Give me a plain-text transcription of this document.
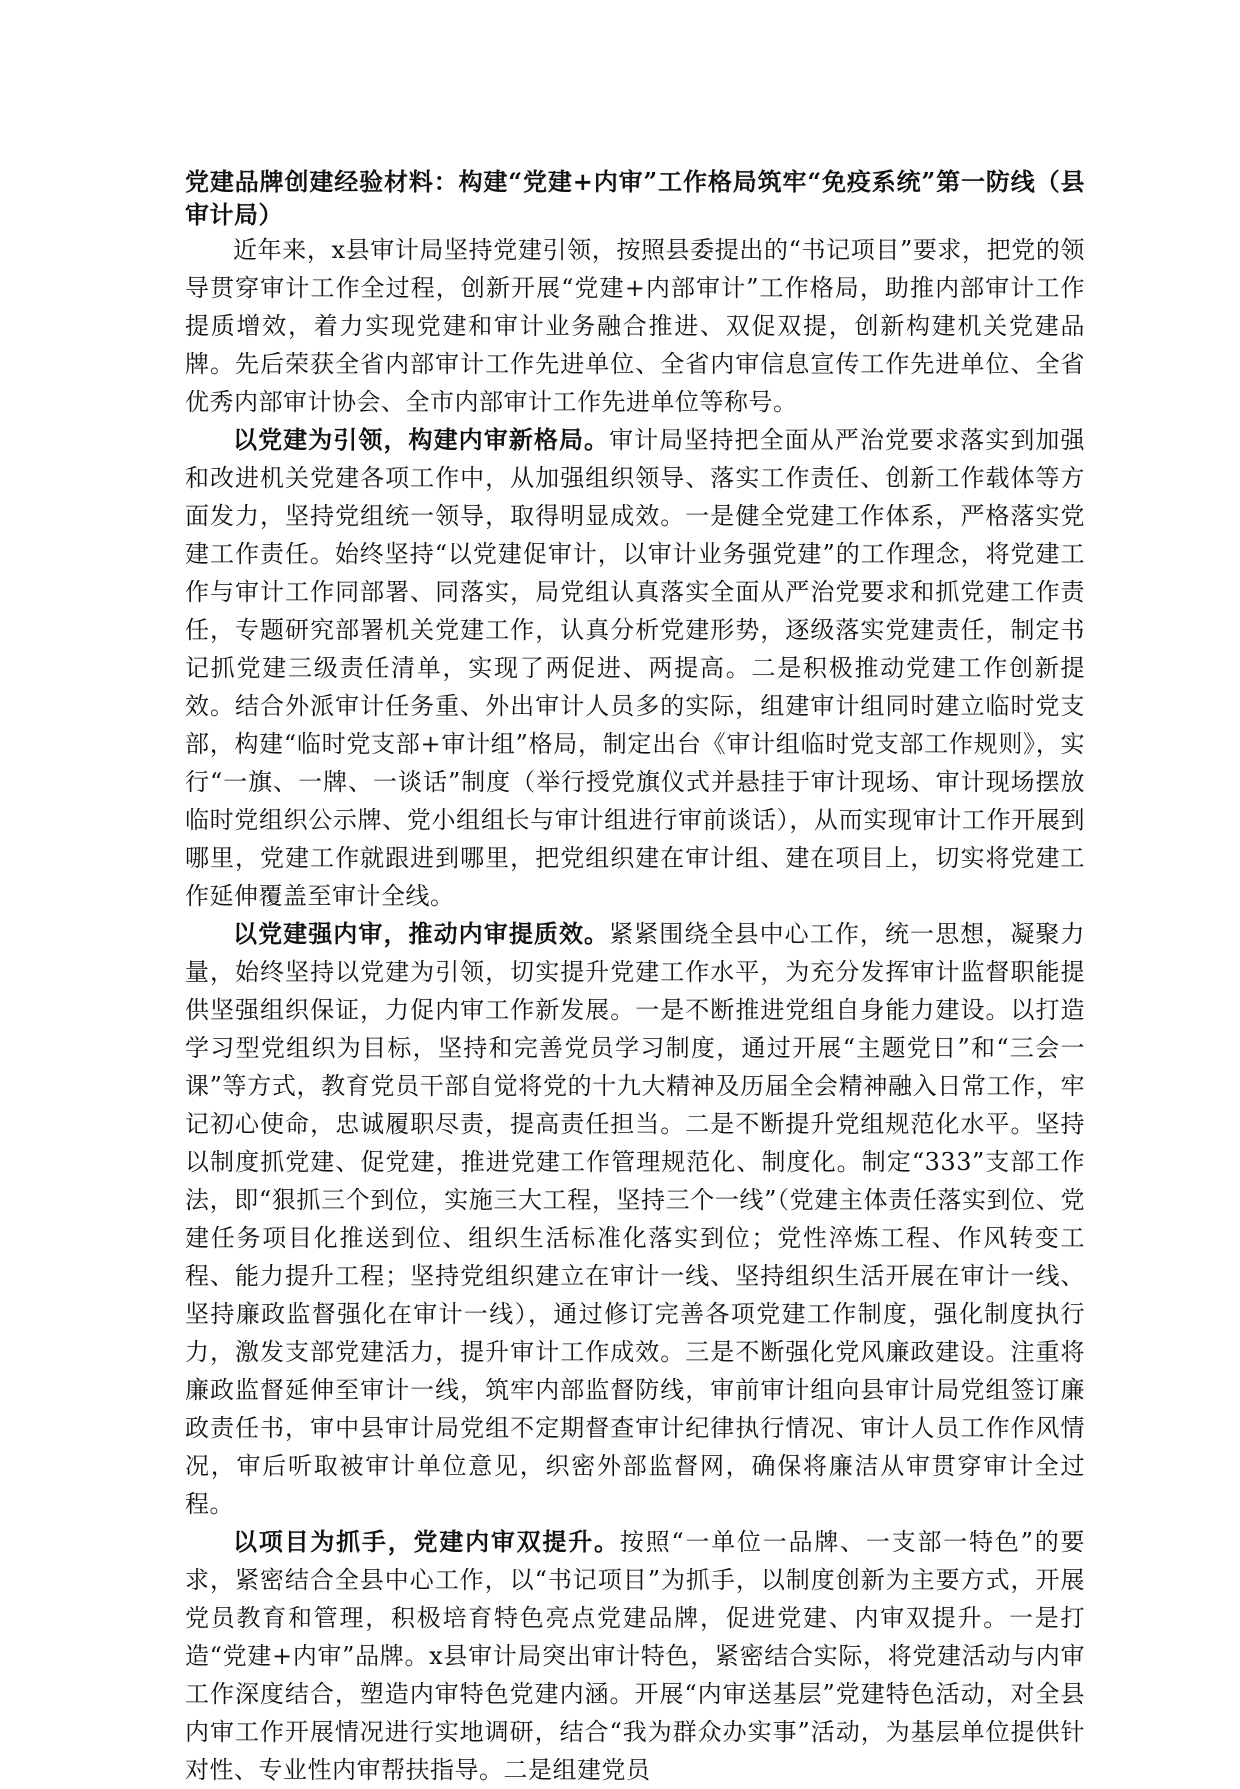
党建品牌创建经验材料：构建“党建+内审”工作格局筑牢“免疫系统”第一防线（县审计局）

近年来，x县审计局坚持党建引领，按照县委提出的“书记项目”要求，把党的领导贯穿审计工作全过程，创新开展“党建+内部审计”工作格局，助推内部审计工作提质增效，着力实现党建和审计业务融合推进、双促双提，创新构建机关党建品牌。先后荣获全省内部审计工作先进单位、全省内审信息宣传工作先进单位、全省优秀内部审计协会、全市内部审计工作先进单位等称号。

以党建为引领，构建内审新格局。审计局坚持把全面从严治党要求落实到加强和改进机关党建各项工作中，从加强组织领导、落实工作责任、创新工作载体等方面发力，坚持党组统一领导，取得明显成效。一是健全党建工作体系，严格落实党建工作责任。始终坚持“以党建促审计，以审计业务强党建”的工作理念，将党建工作与审计工作同部署、同落实，局党组认真落实全面从严治党要求和抓党建工作责任，专题研究部署机关党建工作，认真分析党建形势，逐级落实党建责任，制定书记抓党建三级责任清单，实现了两促进、两提高。二是积极推动党建工作创新提效。结合外派审计任务重、外出审计人员多的实际，组建审计组同时建立临时党支部，构建“临时党支部+审计组”格局，制定出台《审计组临时党支部工作规则》，实行“一旗、一牌、一谈话”制度（举行授党旗仪式并悬挂于审计现场、审计现场摆放临时党组织公示牌、党小组组长与审计组进行审前谈话），从而实现审计工作开展到哪里，党建工作就跟进到哪里，把党组织建在审计组、建在项目上，切实将党建工作延伸覆盖至审计全线。

以党建强内审，推动内审提质效。紧紧围绕全县中心工作，统一思想，凝聚力量，始终坚持以党建为引领，切实提升党建工作水平，为充分发挥审计监督职能提供坚强组织保证，力促内审工作新发展。一是不断推进党组自身能力建设。以打造学习型党组织为目标，坚持和完善党员学习制度，通过开展“主题党日”和“三会一课”等方式，教育党员干部自觉将党的十九大精神及历届全会精神融入日常工作，牢记初心使命，忠诚履职尽责，提高责任担当。二是不断提升党组规范化水平。坚持以制度抓党建、促党建，推进党建工作管理规范化、制度化。制定“333”支部工作法，即“狠抓三个到位，实施三大工程，坚持三个一线”（党建主体责任落实到位、党建任务项目化推送到位、组织生活标准化落实到位；党性淬炼工程、作风转变工程、能力提升工程；坚持党组织建立在审计一线、坚持组织生活开展在审计一线、坚持廉政监督强化在审计一线），通过修订完善各项党建工作制度，强化制度执行力，激发支部党建活力，提升审计工作成效。三是不断强化党风廉政建设。注重将廉政监督延伸至审计一线，筑牢内部监督防线，审前审计组向县审计局党组签订廉政责任书，审中县审计局党组不定期督查审计纪律执行情况、审计人员工作作风情况，审后听取被审计单位意见，织密外部监督网，确保将廉洁从审贯穿审计全过程。

以项目为抓手，党建内审双提升。按照“一单位一品牌、一支部一特色”的要求，紧密结合全县中心工作，以“书记项目”为抓手，以制度创新为主要方式，开展党员教育和管理，积极培育特色亮点党建品牌，促进党建、内审双提升。一是打造“党建+内审”品牌。x县审计局突出审计特色，紧密结合实际，将党建活动与内审工作深度结合，塑造内审特色党建内涵。开展“内审送基层”党建特色活动，对全县内审工作开展情况进行实地调研，结合“我为群众办实事”活动，为基层单位提供针对性、专业性内审帮扶指导。二是组建党员
